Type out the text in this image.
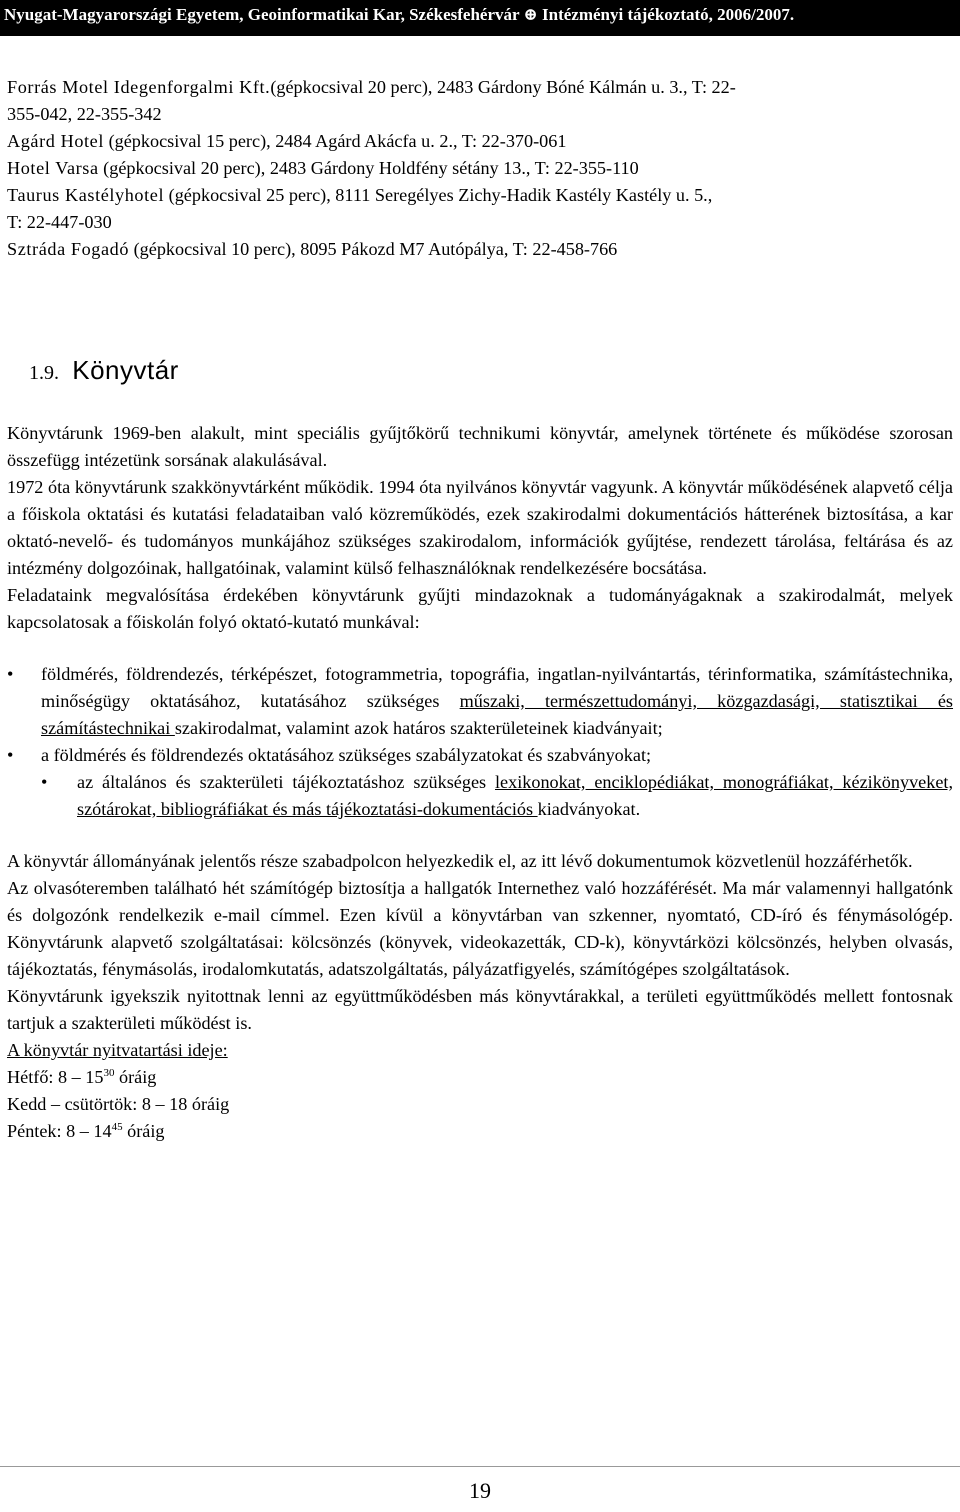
Nyugat-Magyarországi Egyetem, Geoinformatikai Kar, Székesfehérvár ⊕ Intézményi tájékoztató, 2006/2007.
Forrás Motel Idegenforgalmi Kft.(gépkocsival 20 perc), 2483 Gárdony Bóné Kálmán u. 3., T: 22-
355-042, 22-355-342
Agárd Hotel (gépkocsival 15 perc), 2484 Agárd Akácfa u. 2., T: 22-370-061
Hotel Varsa (gépkocsival 20 perc), 2483 Gárdony Holdfény sétány 13., T: 22-355-110
Taurus Kastélyhotel (gépkocsival 25 perc), 8111 Seregélyes Zichy-Hadik Kastély Kastély u. 5.,
T: 22-447-030
Sztráda Fogadó (gépkocsival 10 perc), 8095 Pákozd M7 Autópálya, T: 22-458-766
1.9. Könyvtár

Könyvtárunk 1969-ben alakult, mint speciális gyűjtőkörű technikumi könyvtár, amelynek története és működése szorosan összefügg intézetünk sorsának alakulásával.

1972 óta könyvtárunk szakkönyvtárként működik. 1994 óta nyilvános könyvtár vagyunk. A könyvtár működésének alapvető célja a főiskola oktatási és kutatási feladataiban való közreműködés, ezek szakirodalmi dokumentációs hátterének biztosítása, a kar oktató-nevelő- és tudományos munkájához szükséges szakirodalom, információk gyűjtése, rendezett tárolása, feltárása és az intézmény dolgozóinak, hallgatóinak, valamint külső felhasználóknak rendelkezésére bocsátása.

Feladataink megvalósítása érdekében könyvtárunk gyűjti mindazoknak a tudományágaknak a szakirodalmát, melyek kapcsolatosak a főiskolán folyó oktató-kutató munkával:

• földmérés, földrendezés, térképészet, fotogrammetria, topográfia, ingatlan-nyilvántartás, térinformatika, számítástechnika, minőségügy oktatásához, kutatásához szükséges műszaki, természettudományi, közgazdasági, statisztikai és számítástechnikai szakirodalmat, valamint azok határos szakterületeinek kiadványait;
• a földmérés és földrendezés oktatásához szükséges szabályzatokat és szabványokat;
• az általános és szakterületi tájékoztatáshoz szükséges lexikonokat, enciklopédiákat, monográfiákat, kézikönyveket, szótárokat, bibliográfiákat és más tájékoztatási-dokumentációs kiadványokat.

A könyvtár állományának jelentős része szabadpolcon helyezkedik el, az itt lévő dokumentumok közvetlenül hozzáférhetők.

Az olvasóteremben található hét számítógép biztosítja a hallgatók Internethez való hozzáférését. Ma már valamennyi hallgatónk és dolgozónk rendelkezik e-mail címmel. Ezen kívül a könyvtárban van szkenner, nyomtató, CD-író és fénymásológép. Könyvtárunk alapvető szolgáltatásai: kölcsönzés (könyvek, videokazetták, CD-k), könyvtárközi kölcsönzés, helyben olvasás, tájékoztatás, fénymásolás, irodalomkutatás, adatszolgáltatás, pályázatfigyelés, számítógépes szolgáltatások.

Könyvtárunk igyekszik nyitottnak lenni az együttműködésben más könyvtárakkal, a területi együttműködés mellett fontosnak tartjuk a szakterületi működést is.

A könyvtár nyitvatartási ideje:
Hétfő: $8 - 15^{30}$ óráig
Kedd – csütörtök: 8 – 18 óráig
Péntek: $8 - 14^{45}$ óráig
19
